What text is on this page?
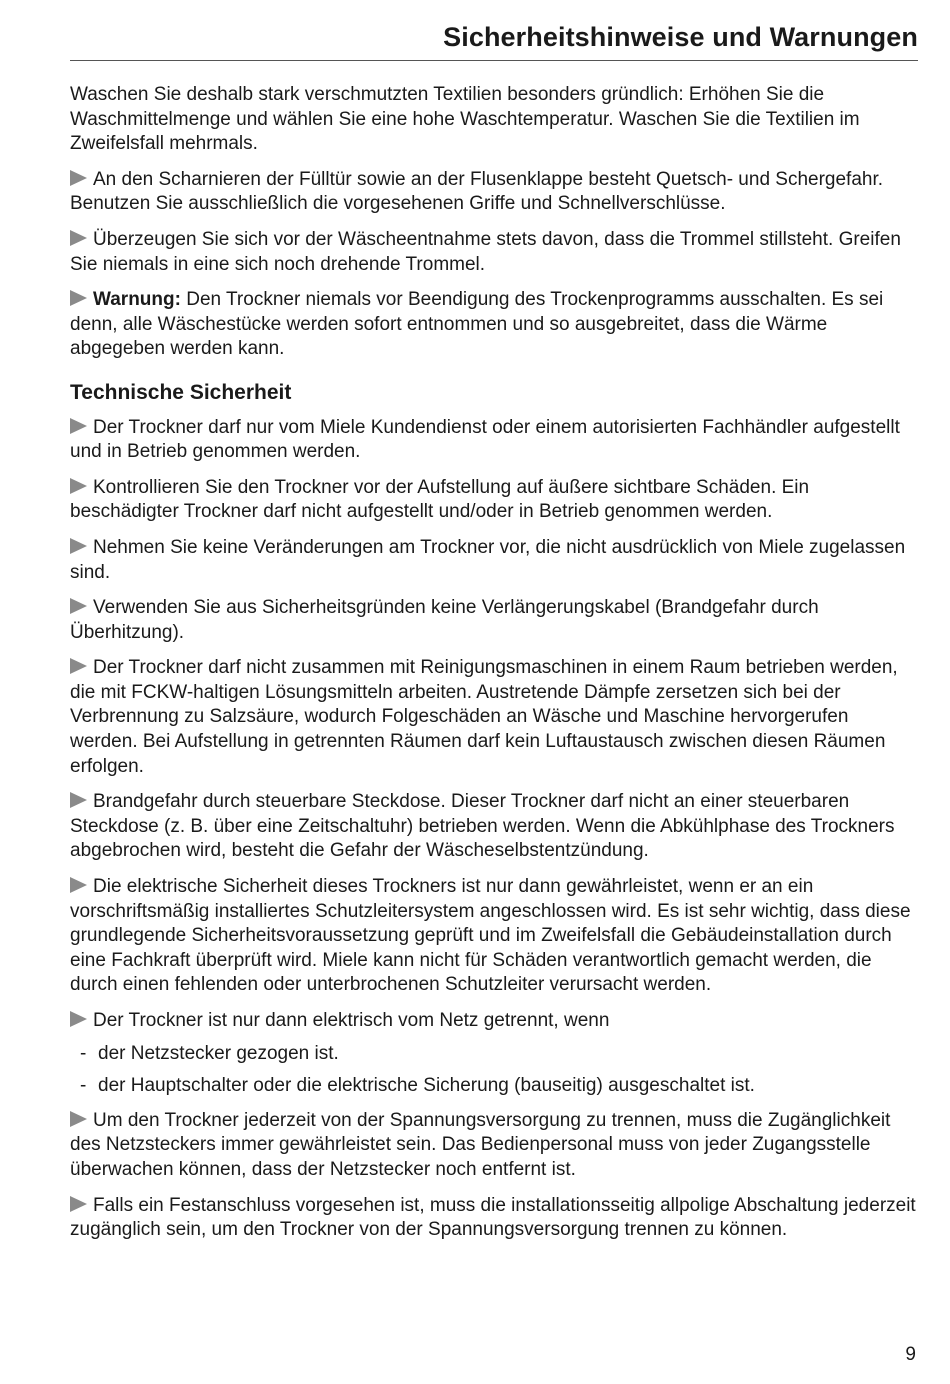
Sicherheitshinweise und Warnungen

Waschen Sie deshalb stark verschmutzten Textilien besonders gründlich: Erhöhen Sie die Waschmittelmenge und wählen Sie eine hohe Waschtemperatur. Waschen Sie die Textilien im Zweifelsfall mehrmals.

An den Scharnieren der Fülltür sowie an der Flusenklappe besteht Quetsch- und Schergefahr. Benutzen Sie ausschließlich die vorgesehenen Griffe und Schnellverschlüsse.

Überzeugen Sie sich vor der Wäscheentnahme stets davon, dass die Trommel stillsteht. Greifen Sie niemals in eine sich noch drehende Trommel.

Warnung: Den Trockner niemals vor Beendigung des Trockenprogramms ausschalten. Es sei denn, alle Wäschestücke werden sofort entnommen und so ausgebreitet, dass die Wärme abgegeben werden kann.

Technische Sicherheit

Der Trockner darf nur vom Miele Kundendienst oder einem autorisierten Fachhändler aufgestellt und in Betrieb genommen werden.

Kontrollieren Sie den Trockner vor der Aufstellung auf äußere sichtbare Schäden. Ein beschädigter Trockner darf nicht aufgestellt und/oder in Betrieb genommen werden.

Nehmen Sie keine Veränderungen am Trockner vor, die nicht ausdrücklich von Miele zugelassen sind.

Verwenden Sie aus Sicherheitsgründen keine Verlängerungskabel (Brandgefahr durch Überhitzung).

Der Trockner darf nicht zusammen mit Reinigungsmaschinen in einem Raum betrieben werden, die mit FCKW-haltigen Lösungsmitteln arbeiten. Austretende Dämpfe zersetzen sich bei der Verbrennung zu Salzsäure, wodurch Folgeschäden an Wäsche und Maschine hervorgerufen werden. Bei Aufstellung in getrennten Räumen darf kein Luftaustausch zwischen diesen Räumen erfolgen.

Brandgefahr durch steuerbare Steckdose. Dieser Trockner darf nicht an einer steuerbaren Steckdose (z. B. über eine Zeitschaltuhr) betrieben werden. Wenn die Abkühlphase des Trockners abgebrochen wird, besteht die Gefahr der Wäscheselbstentzündung.

Die elektrische Sicherheit dieses Trockners ist nur dann gewährleistet, wenn er an ein vorschriftsmäßig installiertes Schutzleitersystem angeschlossen wird. Es ist sehr wichtig, dass diese grundlegende Sicherheitsvoraussetzung geprüft und im Zweifelsfall die Gebäudeinstallation durch eine Fachkraft überprüft wird. Miele kann nicht für Schäden verantwortlich gemacht werden, die durch einen fehlenden oder unterbrochenen Schutzleiter verursacht werden.

Der Trockner ist nur dann elektrisch vom Netz getrennt, wenn

- der Netzstecker gezogen ist.
- der Hauptschalter oder die elektrische Sicherung (bauseitig) ausgeschaltet ist.

Um den Trockner jederzeit von der Spannungsversorgung zu trennen, muss die Zugänglichkeit des Netzsteckers immer gewährleistet sein. Das Bedienpersonal muss von jeder Zugangsstelle überwachen können, dass der Netzstecker noch entfernt ist.

Falls ein Festanschluss vorgesehen ist, muss die installationsseitig allpolige Abschaltung jederzeit zugänglich sein, um den Trockner von der Spannungsversorgung trennen zu können.

9
